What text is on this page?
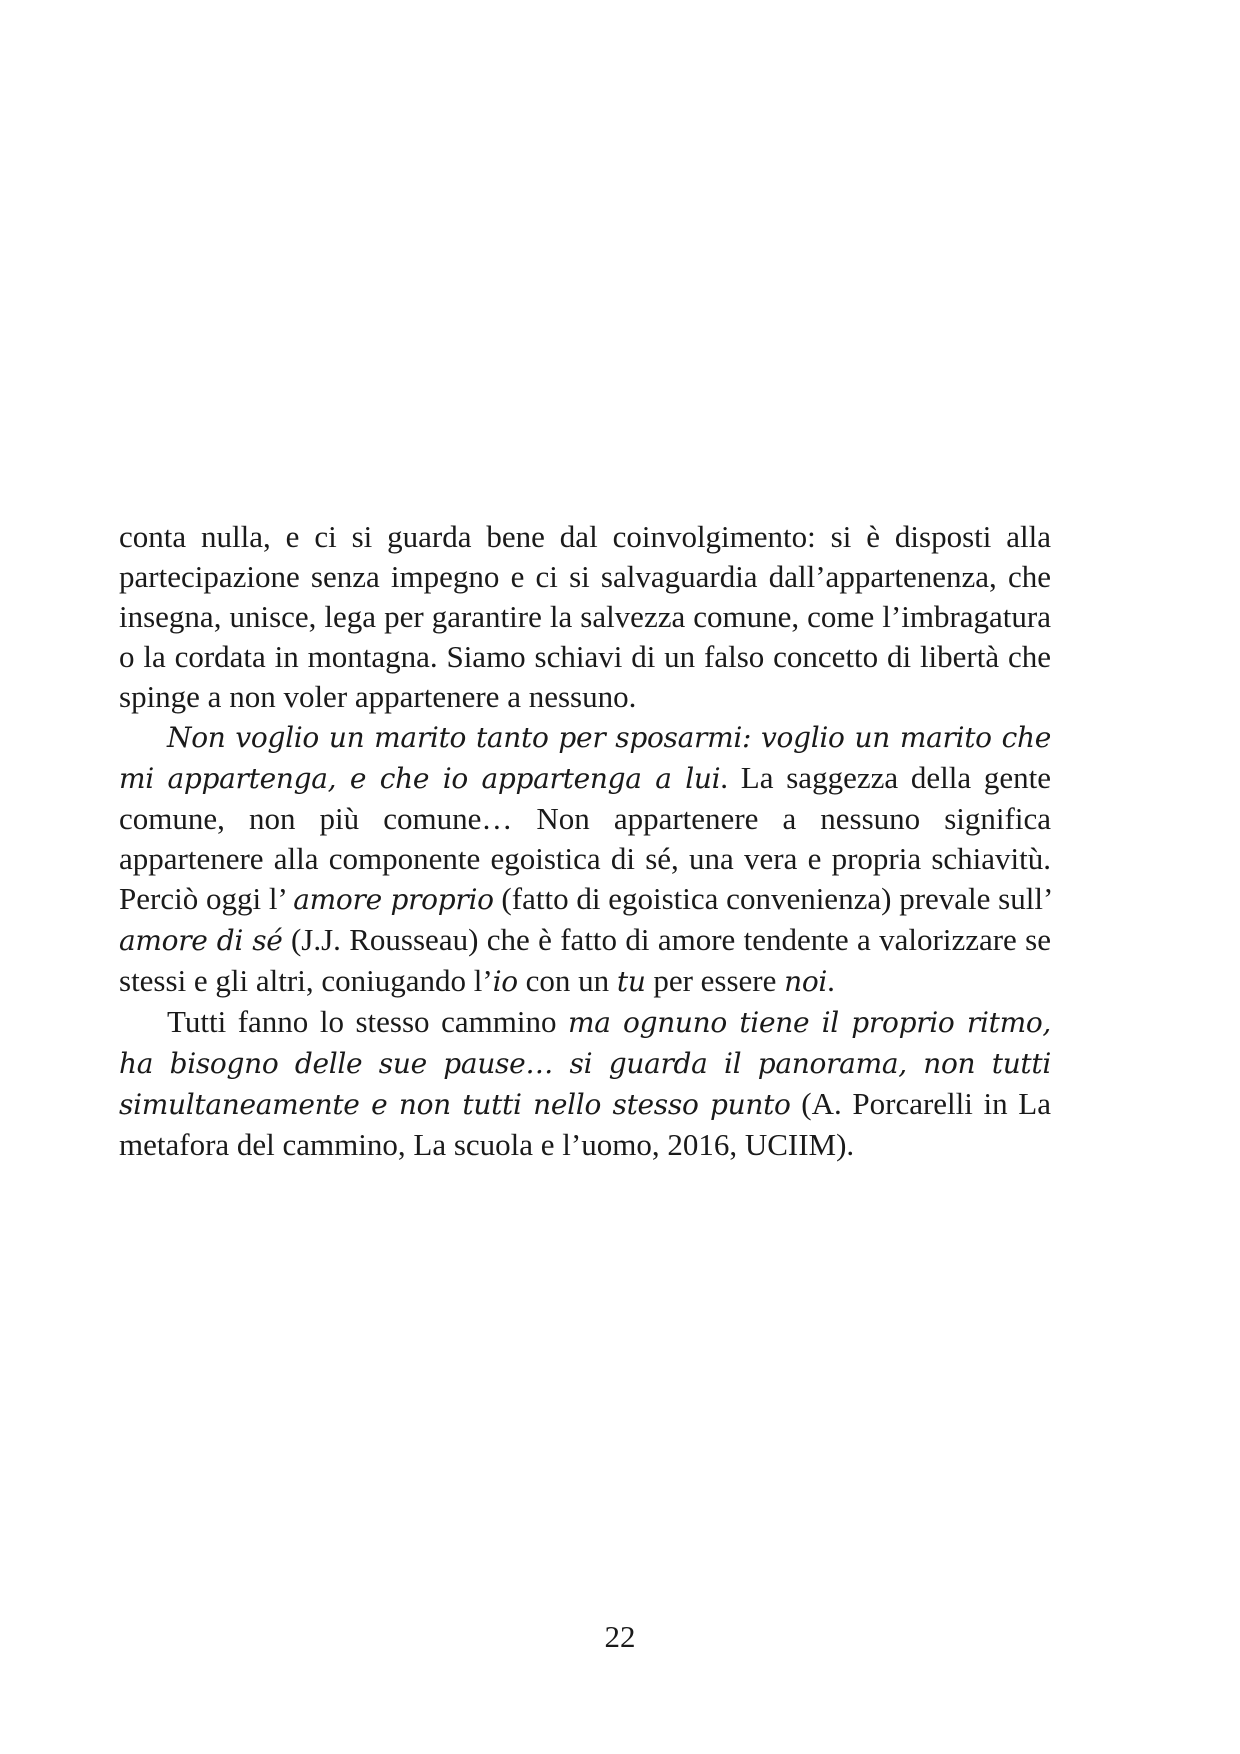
conta nulla, e ci si guarda bene dal coinvolgimento: si è disposti alla partecipazione senza impegno e ci si salvaguardia dall’appartenenza, che insegna, unisce, lega per garantire la salvezza comune, come l’imbragatura o la cordata in montagna. Siamo schiavi di un falso concetto di libertà che spinge a non voler appartenere a nessuno.

Non voglio un marito tanto per sposarmi: voglio un marito che mi appartenga, e che io appartenga a lui. La saggezza della gente comune, non più comune… Non appartenere a nessuno significa appartenere alla componente egoistica di sé, una vera e propria schiavitù. Perciò oggi l’ amore proprio (fatto di egoistica convenienza) prevale sull’ amore di sé (J.J. Rousseau) che è fatto di amore tendente a valorizzare se stessi e gli altri, coniugando l’io con un tu per essere noi.

Tutti fanno lo stesso cammino ma ognuno tiene il proprio ritmo, ha bisogno delle sue pause… si guarda il panorama, non tutti simultaneamente e non tutti nello stesso punto (A. Porcarelli in La metafora del cammino, La scuola e l’uomo, 2016, UCIIM).

22
